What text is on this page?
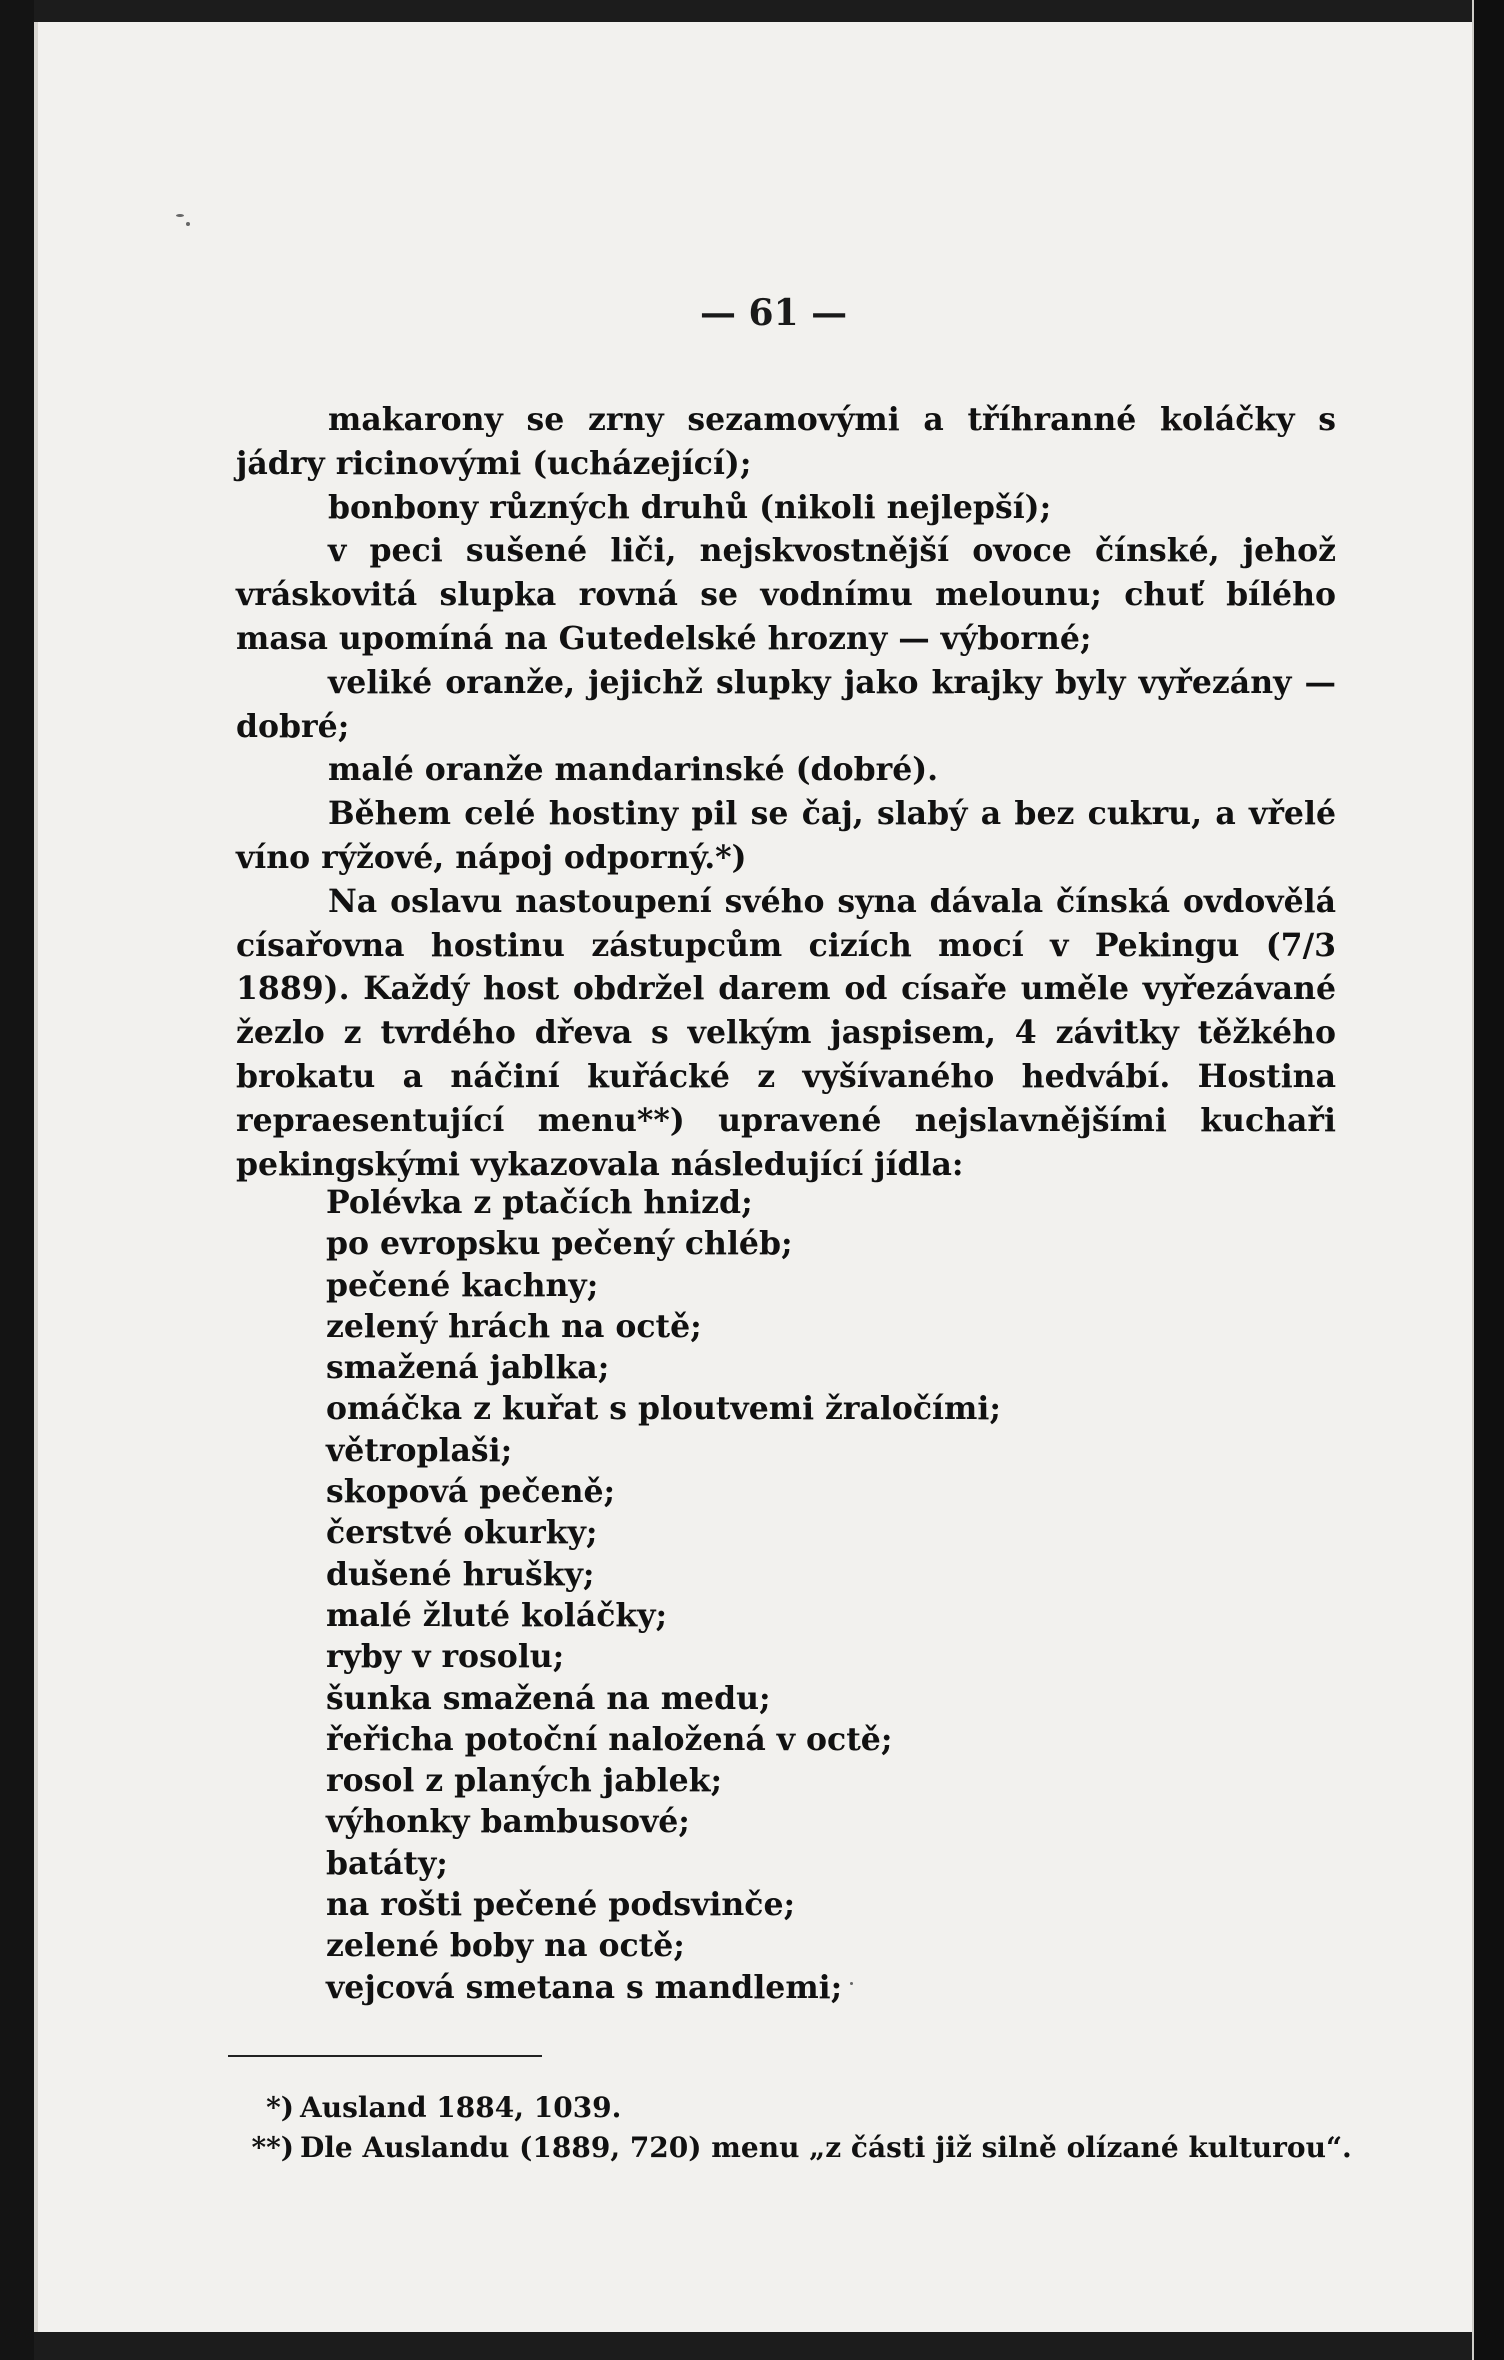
— 61 —

makarony se zrny sezamovými a tříhranné koláčky s jádry ricinovými (ucházející);

bonbony různých druhů (nikoli nejlepší);

v peci sušené liči, nejskvostnější ovoce čínské, jehož vráskovitá slupka rovná se vodnímu melounu; chuť bílého masa upomíná na Gutedelské hrozny — výborné;

veliké oranže, jejichž slupky jako krajky byly vyřezány — dobré;

malé oranže mandarinské (dobré).

Během celé hostiny pil se čaj, slabý a bez cukru, a vřelé víno rýžové, nápoj odporný.*)

Na oslavu nastoupení svého syna dávala čínská ovdovělá císařovna hostinu zástupcům cizích mocí v Pekingu (7/3 1889). Každý host obdržel darem od císaře uměle vyřezávané žezlo z tvrdého dřeva s velkým jaspisem, 4 závitky těžkého brokatu a náčiní kuřácké z vyšívaného hedvábí. Hostina repraesentující menu**) upravené nejslavnějšími kuchaři pekingskými vykazovala následující jídla:

Polévka z ptačích hnizd;
po evropsku pečený chléb;
pečené kachny;
zelený hrách na octě;
smažená jablka;
omáčka z kuřat s ploutvemi žraločími;
větroplaši;
skopová pečeně;
čerstvé okurky;
dušené hrušky;
malé žluté koláčky;
ryby v rosolu;
šunka smažená na medu;
řeřicha potoční naložená v octě;
rosol z planých jablek;
výhonky bambusové;
batáty;
na rošti pečené podsvinče;
zelené boby na octě;
vejcová smetana s mandlemi;
*) Ausland 1884, 1039.
**) Dle Auslandu (1889, 720) menu „z části již silně olízané kulturou“.
